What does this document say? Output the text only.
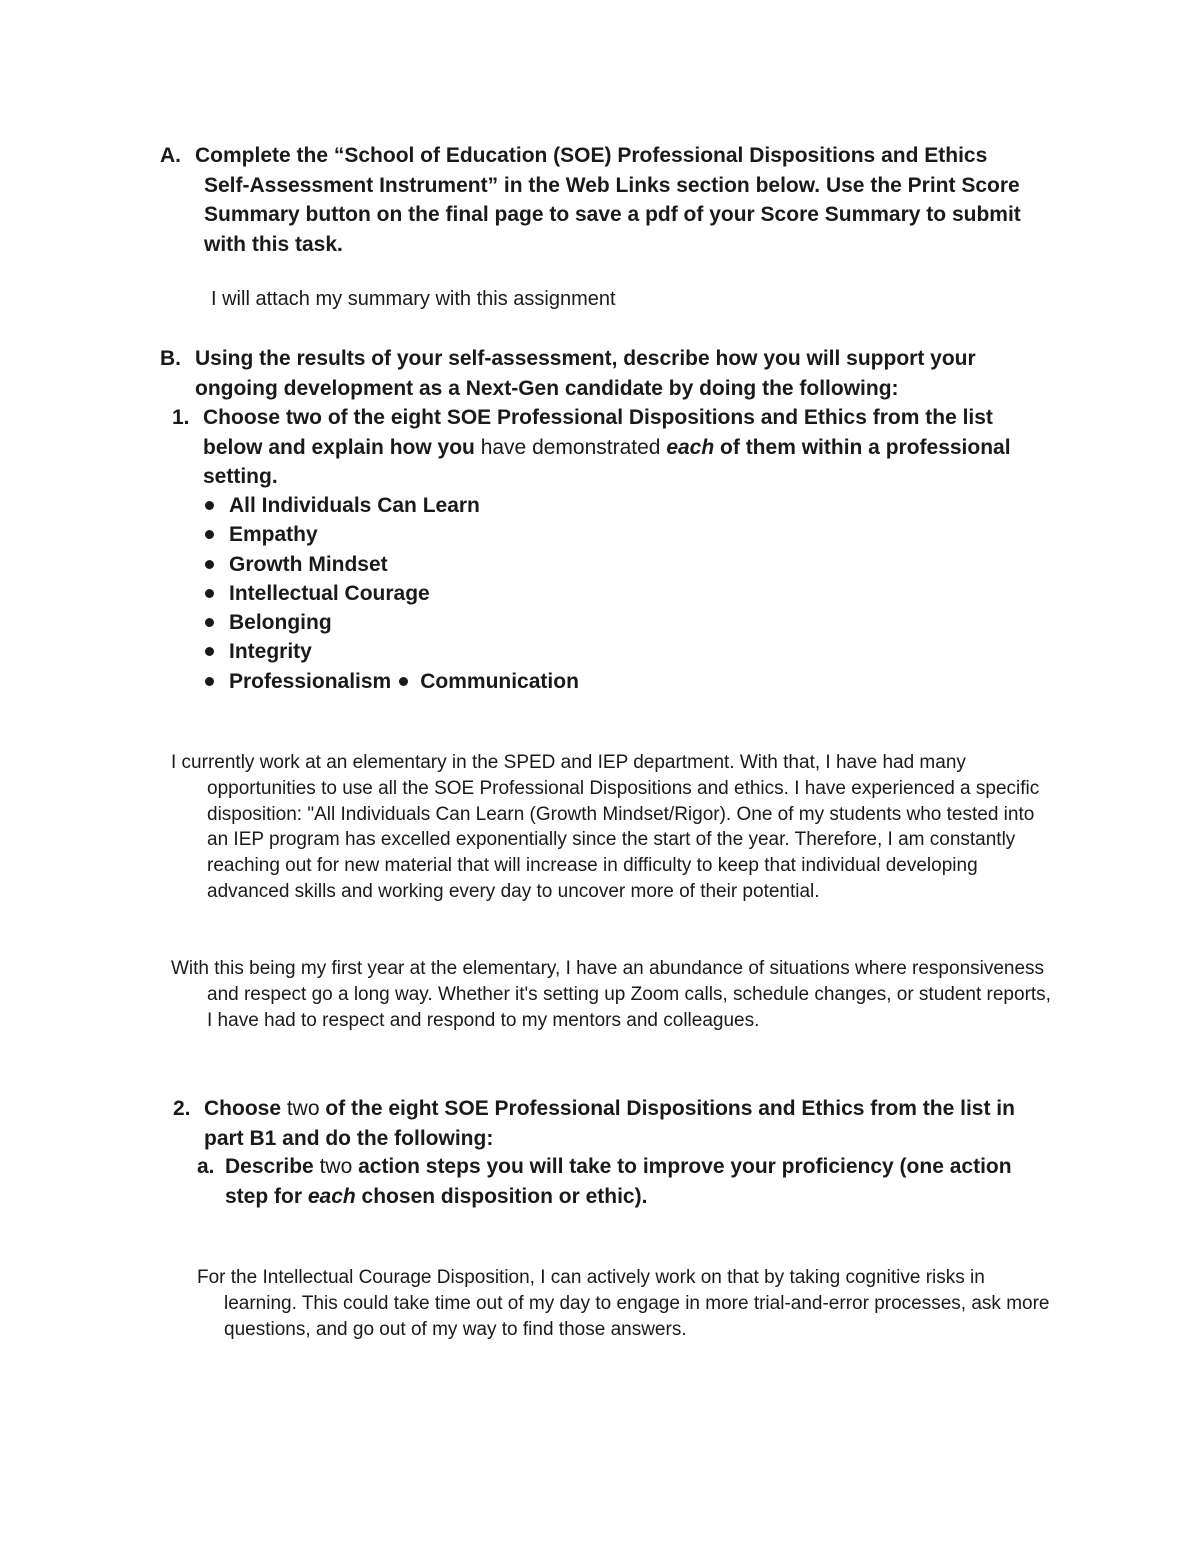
A. Complete the “School of Education (SOE) Professional Dispositions and Ethics
Self-Assessment Instrument” in the Web Links section below. Use the Print Score Summary button on the final page to save a pdf of your Score Summary to submit with this task.
I will attach my summary with this assignment
B. Using the results of your self-assessment, describe how you will support your
ongoing development as a Next-Gen candidate by doing the following:
1. Choose two of the eight SOE Professional Dispositions and Ethics from the list below and explain how you have demonstrated each of them within a professional setting.
All Individuals Can Learn
Empathy
Growth Mindset
Intellectual Courage
Belonging
Integrity
Professionalism Communication
I currently work at an elementary in the SPED and IEP department. With that, I have had many opportunities to use all the SOE Professional Dispositions and ethics. I have experienced a specific disposition: "All Individuals Can Learn (Growth Mindset/Rigor). One of my students who tested into an IEP program has excelled exponentially since the start of the year. Therefore, I am constantly reaching out for new material that will increase in difficulty to keep that individual developing advanced skills and working every day to uncover more of their potential.
With this being my first year at the elementary, I have an abundance of situations where responsiveness and respect go a long way. Whether it's setting up Zoom calls, schedule changes, or student reports, I have had to respect and respond to my mentors and colleagues.
2. Choose two of the eight SOE Professional Dispositions and Ethics from the list in part B1 and do the following:
a. Describe two action steps you will take to improve your proficiency (one action step for each chosen disposition or ethic).
For the Intellectual Courage Disposition, I can actively work on that by taking cognitive risks in learning. This could take time out of my day to engage in more trial-and-error processes, ask more questions, and go out of my way to find those answers.
